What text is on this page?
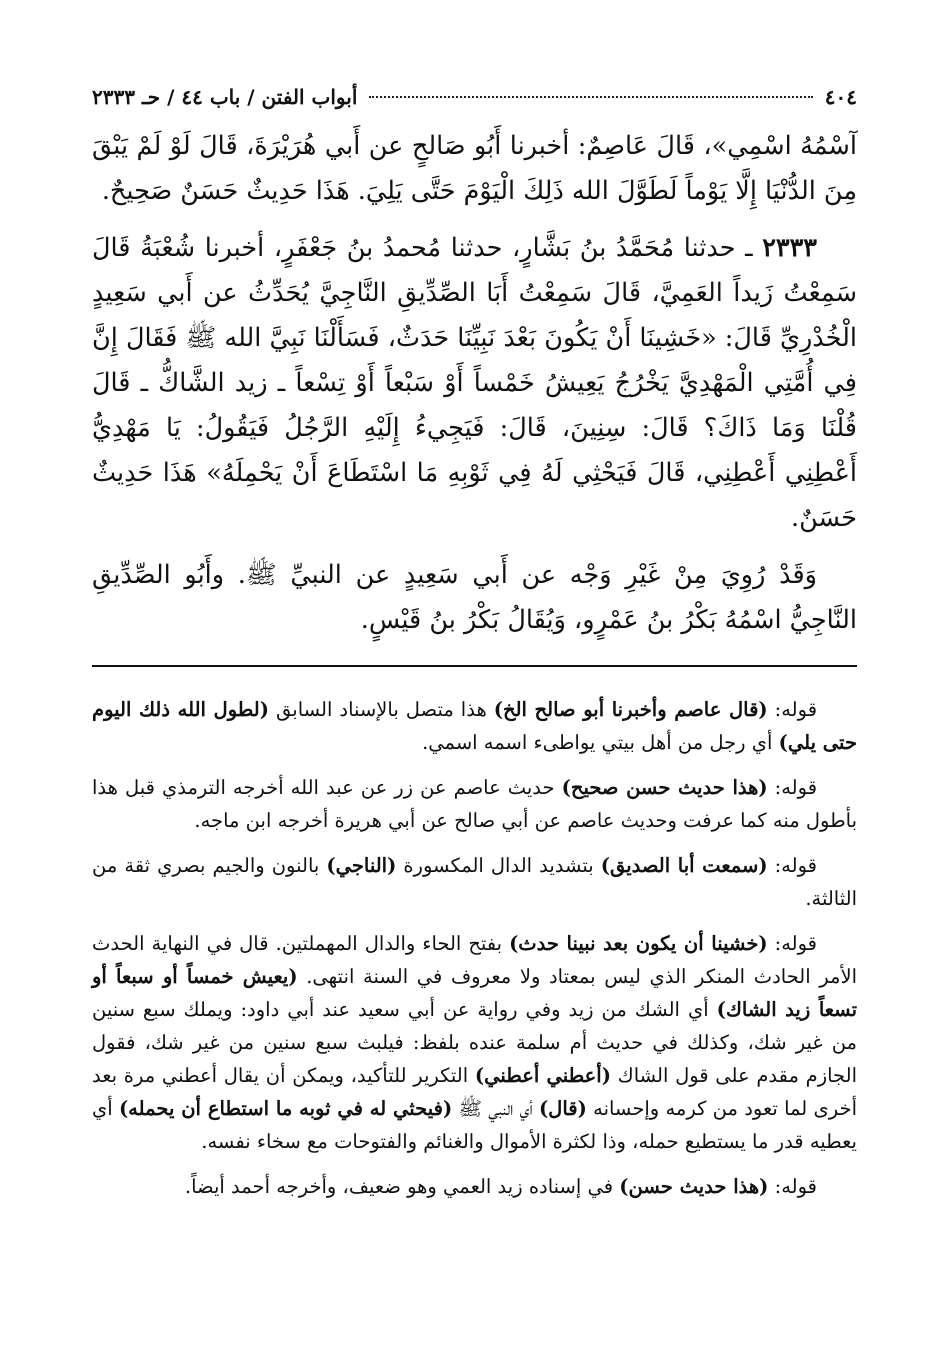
٤٠٤
أبواب الفتن / باب ٤٤ / حـ ٢٣٣٣

آسْمُهُ اسْمِي»، قَالَ عَاصِمٌ: أخبرنا أَبُو صَالحٍ عن أَبي هُرَيْرَةَ، قَالَ لَوْ لَمْ يَبْقَ مِنَ الدُّنْيَا إِلَّا يَوْماً لَطَوَّلَ الله ذَلِكَ الْيَوْمَ حَتَّى يَلِيَ. هَذَا حَدِيثٌ حَسَنٌ صَحِيحٌ.

٢٣٣٣ ـ حدثنا مُحَمَّدُ بنُ بَشَّارٍ، حدثنا مُحمدُ بنُ جَعْفَرٍ، أخبرنا شُعْبَةُ قَالَ سَمِعْتُ زَيداً العَمِيَّ، قَالَ سَمِعْتُ أَبَا الصِّدِّيقِ النَّاجِيَّ يُحَدِّثُ عن أَبي سَعِيدٍ الْخُدْرِيِّ قَالَ: «خَشِينَا أَنْ يَكُونَ بَعْدَ نَبِيِّنَا حَدَثٌ، فَسَأَلْنَا نَبِيَّ الله ﷺ فَقَالَ إِنَّ فِي أُمَّتِي الْمَهْدِيَّ يَخْرُجُ يَعِيشُ خَمْساً أَوْ سَبْعاً أَوْ تِسْعاً ـ زيد الشَّاكُّ ـ قَالَ قُلْنَا وَمَا ذَاكَ؟ قَالَ: سِنِينَ، قَالَ: فَيَجِيءُ إِلَيْهِ الرَّجُلُ فَيَقُولُ: يَا مَهْدِيُّ أَعْطِنِي أَعْطِنِي، قَالَ فَيَحْثِي لَهُ فِي ثَوْبِهِ مَا اسْتَطَاعَ أَنْ يَحْمِلَهُ» هَذَا حَدِيثٌ حَسَنٌ.

وَقَدْ رُوِيَ مِنْ غَيْرِ وَجْه عن أَبي سَعِيدٍ عن النبيِّ ﷺ. وأَبُو الصِّدِّيقِ النَّاجِيُّ اسْمُهُ بَكْرُ بنُ عَمْرٍو، وَيُقَالُ بَكْرُ بنُ قَيْسٍ.

قوله: (قال عاصم وأخبرنا أبو صالح الخ) هذا متصل بالإسناد السابق (لطول الله ذلك اليوم حتى يلي) أي رجل من أهل بيتي يواطىء اسمه اسمي.

قوله: (هذا حديث حسن صحيح) حديث عاصم عن زر عن عبد الله أخرجه الترمذي قبل هذا بأطول منه كما عرفت وحديث عاصم عن أبي صالح عن أبي هريرة أخرجه ابن ماجه.

قوله: (سمعت أبا الصديق) بتشديد الدال المكسورة (الناجي) بالنون والجيم بصري ثقة من الثالثة.

قوله: (خشينا أن يكون بعد نبينا حدث) بفتح الحاء والدال المهملتين. قال في النهاية الحدث الأمر الحادث المنكر الذي ليس بمعتاد ولا معروف في السنة انتهى. (يعيش خمساً أو سبعاً أو تسعاً زيد الشاك) أي الشك من زيد وفي رواية عن أبي سعيد عند أبي داود: ويملك سبع سنين من غير شك، وكذلك في حديث أم سلمة عنده بلفظ: فيلبث سبع سنين من غير شك، فقول الجازم مقدم على قول الشاك (أعطني أعطني) التكرير للتأكيد، ويمكن أن يقال أعطني مرة بعد أخرى لما تعود من كرمه وإحسانه (قال) أي النبي ﷺ (فيحثي له في ثوبه ما استطاع أن يحمله) أي يعطيه قدر ما يستطيع حمله، وذا لكثرة الأموال والغنائم والفتوحات مع سخاء نفسه.

قوله: (هذا حديث حسن) في إسناده زيد العمي وهو ضعيف، وأخرجه أحمد أيضاً.
